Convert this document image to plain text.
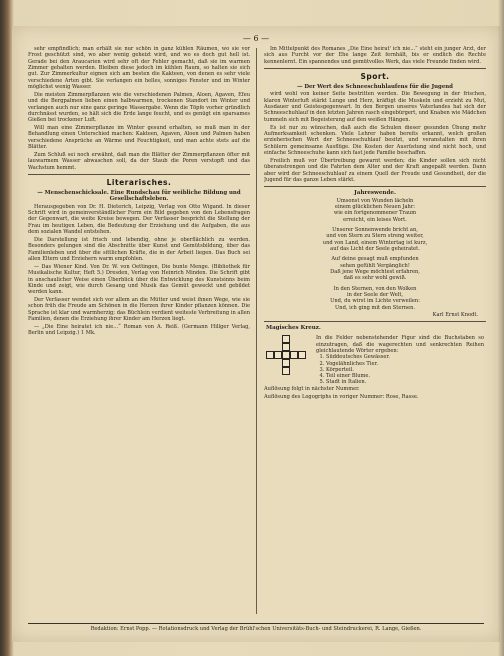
— 6 —

sehr empfindlich; man erhält sie nur schön in ganz kühlen Räumen, wo sie vor Frost geschützt sind, wo aber wenig geheizt wird, und wo es doch gut hell ist. Gerade bei den Araucarien wird sehr oft der Fehler gemacht, daß sie im warmen Zimmer gehalten werden. Bleiben diese jedoch im kühlen Raum, so halten sie sich gut. Zur Zimmerkultur eignen sich am besten die Kakteen, von denen es sehr viele verschiedene Arten gibt. Sie verlangen ein helles, sonniges Fenster und im Winter möglichst wenig Wasser.

Die meisten Zimmerpflanzen wie die verschiedenen Palmen, Aloen, Agaven, Efeu und die Bergpalmen lieben einen halbwarmen, trockenen Standort im Winter und verlangen auch nur eine ganz geringe Wassergabe. Wenn die Töpfe vorher gründlich durchnässt wurden, so hält sich die Erde lange feucht, und es genügt ein sparsames Gießen bei trockener Luft.

Will man eine Zimmerpflanze im Winter gesund erhalten, so muß man in der Behandlung einen Unterschied machen: Kakteen, Agaven, Aloen und Palmen haben verschiedene Ansprüche an Wärme und Feuchtigkeit, und man achte stets auf die Blätter.

Zum Schluß sei noch erwähnt, daß man die Blätter der Zimmerpflanzen öfter mit lauwarmem Wasser abwaschen soll, da der Staub die Poren verstopft und das Wachstum hemmt.

Literarisches.
— Menschenschicksale. Eine Rundschau für weibliche Bildung und Gesellschaftsleben.

Herausgegeben von Dr. H. Dieterich, Leipzig, Verlag von Otto Wigand. In dieser Schrift wird in gemeinverständlicher Form ein Bild gegeben von den Lebensfragen der Gegenwart, die weite Kreise bewegen. Der Verfasser bespricht die Stellung der Frau im heutigen Leben, die Bedeutung der Erziehung und die Aufgaben, die aus dem sozialen Wandel entstehen.

Die Darstellung ist frisch und lebendig, ohne je oberflächlich zu werden. Besonders gelungen sind die Abschnitte über Kunst und Gemütsbildung, über das Familienleben und über die sittlichen Kräfte, die in der Arbeit liegen. Das Buch sei allen Eltern und Erziehern warm empfohlen.

— Das Wiener Kind. Von Dr. W. von Oettingen, Die bunte Menge. (Bibliothek für Musikalische Kultur, Heft 5.) Dresden, Verlag von Heinrich Minden. Die Schrift gibt in anschaulicher Weise einen Überblick über die Entwicklung des Kunstsinns beim Kinde und zeigt, wie durch Gesang und Musik das Gemüt geweckt und gebildet werden kann.

Der Verfasser wendet sich vor allem an die Mütter und weist ihnen Wege, wie sie schon früh die Freude am Schönen in die Herzen ihrer Kinder pflanzen können. Die Sprache ist klar und warmherzig; das Büchlein verdient weiteste Verbreitung in allen Familien, denen die Erziehung ihrer Kinder am Herzen liegt.

— „Die Eine heiratet ich nie...“ Roman von A. Reiß. (Germann Hillger Verlag, Berlin und Leipzig.) 1 Mk.

Im Mittelpunkt des Romanes „Die Eine heirat' ich nie...“ steht ein junger Arzt, der sich aus Furcht vor der Ehe lange Zeit fernhält, bis er endlich die Rechte kennenlernt. Ein spannendes und gemütvolles Werk, das viele Freunde finden wird.

Sport.
— Der Wert des Schneeschuhlaufens für die Jugend

wird wohl von keiner Seite bestritten werden. Die Bewegung in der frischen, klaren Winterluft stärkt Lunge und Herz, kräftigt die Muskeln und erzieht zu Mut, Ausdauer und Geistesgegenwart. In den Bergen unseres Vaterlandes hat sich der Schneeschuhlauf in den letzten Jahren rasch eingebürgert, und Knaben wie Mädchen tummeln sich mit Begeisterung auf den weißen Hängen.

Es ist nur zu wünschen, daß auch die Schulen dieser gesunden Übung mehr Aufmerksamkeit schenken. Viele Lehrer haben bereits erkannt, welch großen erzieherischen Wert der Schneeschuhlauf besitzt, und veranstalten mit ihren Schülern gemeinsame Ausflüge. Die Kosten der Ausrüstung sind nicht hoch, und einfache Schneeschuhe kann sich fast jede Familie beschaffen.

Freilich muß vor Übertreibung gewarnt werden; die Kinder sollen sich nicht überanstrengen und die Fahrten dem Alter und der Kraft angepaßt werden. Dann aber wird der Schneeschuhlauf zu einem Quell der Freude und Gesundheit, der die Jugend für das ganze Leben stärkt.

Jahreswende.
Umsonst von Wunden lächeln
einem glücklichen Neuen Jahr:
wie ein fortgenommener Traum
erreicht, ein leises Wort.
Unserer Sonnenwende bricht an,
und von Stern zu Stern streng weiter,
und von Land, einem Wintertag ist kurz,
auf das Licht der Seele geheiratet.
Auf deine gesagt muß empfunden
sehen gefühlt Vergänglich!
Daß jene Wege möchtest erfahren,
daß es sehr wohl gewiß.
In den Sternen, von den Wolken
in der Seele der Welt,
Und, du wirst im Lichte verweilen:
Und, ich ging mit den Sternen.
Karl Ernst Knodt.
Magisches Kreuz.
In die Felder nebenstehender Figur sind die Buchstaben so einzutragen, daß die wagerechten und senkrechten Reihen gleichlautende Wörter ergeben:
1. Süddeutsches Gewässer.
2. Vogelähnliches Tier.
3. Körperteil.
4. Teil einer Blume.
5. Stadt in Italien.
Auflösung folgt in nächster Nummer.
Auflösung des Logogriphs in voriger Nummer: Rose, Rasse.
Redaktion: Ernst Popp. — Rotationsdruck und Verlag der Brühl'schen Universitäts-Buch- und Steindruckerei, R. Lange, Gießen.
